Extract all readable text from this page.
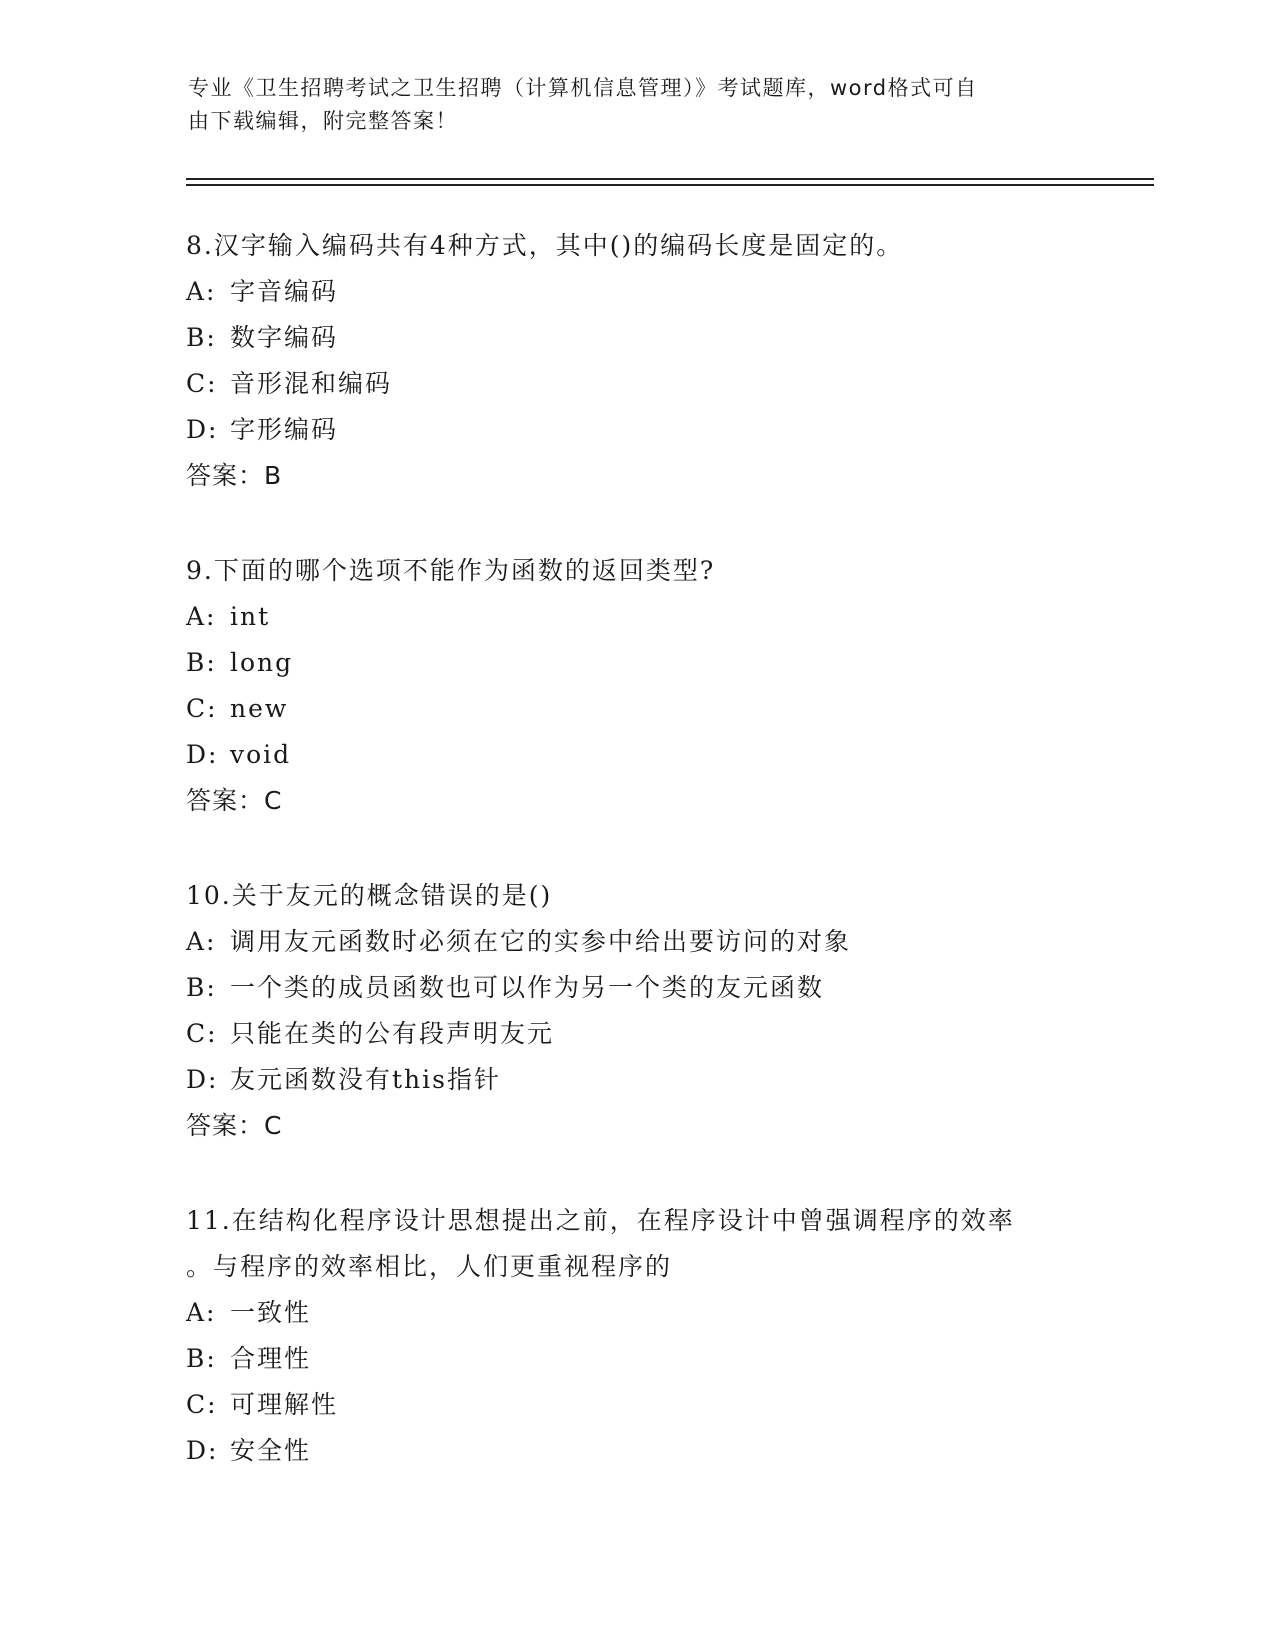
专业《卫生招聘考试之卫生招聘（计算机信息管理）》考试题库，word格式可自
由下载编辑，附完整答案！
8.汉字输入编码共有4种方式，其中()的编码长度是固定的。
A: 字音编码
B: 数字编码
C: 音形混和编码
D: 字形编码
答案：B
9.下面的哪个选项不能作为函数的返回类型?
A: int
B: long
C: new
D: void
答案：C
10.关于友元的概念错误的是()
A: 调用友元函数时必须在它的实参中给出要访问的对象
B: 一个类的成员函数也可以作为另一个类的友元函数
C: 只能在类的公有段声明友元
D: 友元函数没有this指针
答案：C
11.在结构化程序设计思想提出之前，在程序设计中曾强调程序的效率
。与程序的效率相比，人们更重视程序的
A: 一致性
B: 合理性
C: 可理解性
D: 安全性
